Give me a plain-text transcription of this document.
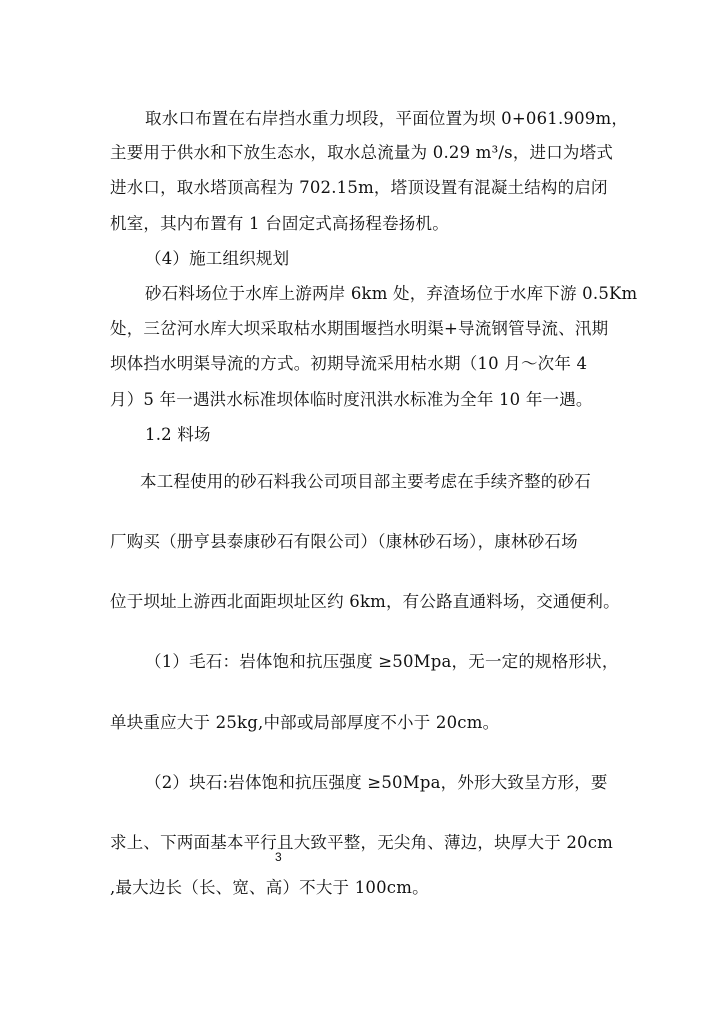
取水口布置在右岸挡水重力坝段，平面位置为坝 0+061.909m，
主要用于供水和下放生态水，取水总流量为 0.29 m³/s，进口为塔式
进水口，取水塔顶高程为 702.15m，塔顶设置有混凝土结构的启闭
机室，其内布置有 1 台固定式高扬程卷扬机。
（4）施工组织规划
砂石料场位于水库上游两岸 6km 处，弃渣场位于水库下游 0.5Km
处，三岔河水库大坝采取枯水期围堰挡水明渠+导流钢管导流、汛期
坝体挡水明渠导流的方式。初期导流采用枯水期（10 月～次年 4
月）5 年一遇洪水标准坝体临时度汛洪水标准为全年 10 年一遇。
1.2 料场
本工程使用的砂石料我公司项目部主要考虑在手续齐整的砂石
厂购买（册亨县泰康砂石有限公司）（康林砂石场），康林砂石场
位于坝址上游西北面距坝址区约 6km，有公路直通料场，交通便利。
（1）毛石：岩体饱和抗压强度 ≥50Mpa，无一定的规格形状，
单块重应大于 25kg,中部或局部厚度不小于 20cm。
（2）块石:岩体饱和抗压强度 ≥50Mpa，外形大致呈方形，要
求上、下两面基本平行且大致平整，无尖角、薄边，块厚大于 20cm
3
,最大边长（长、宽、高）不大于 100cm。
